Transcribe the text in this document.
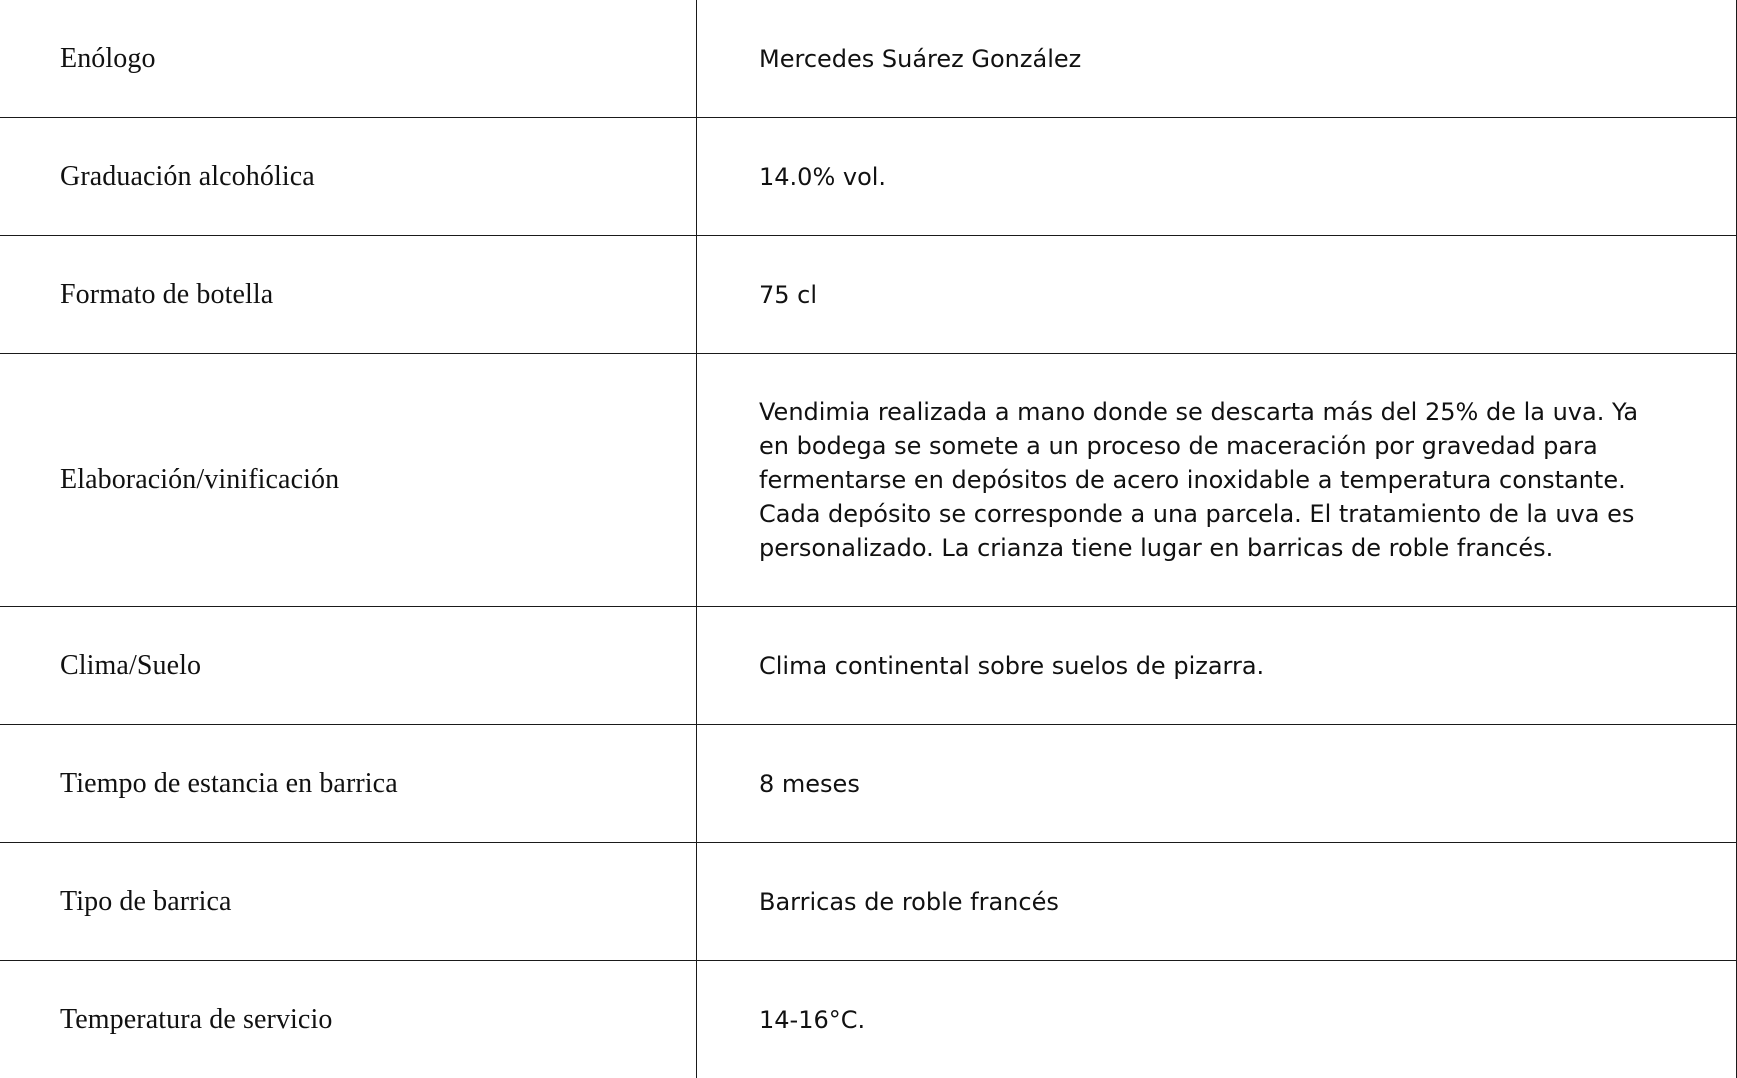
Enólogo	Mercedes Suárez González
Graduación alcohólica	14.0% vol.
Formato de botella	75 cl
Elaboración/vinificación	Vendimia realizada a mano donde se descarta más del 25% de la uva. Ya en bodega se somete a un proceso de maceración por gravedad para fermentarse en depósitos de acero inoxidable a temperatura constante. Cada depósito se corresponde a una parcela. El tratamiento de la uva es personalizado. La crianza tiene lugar en barricas de roble francés.
Clima/Suelo	Clima continental sobre suelos de pizarra.
Tiempo de estancia en barrica	8 meses
Tipo de barrica	Barricas de roble francés
Temperatura de servicio	14-16°C.
